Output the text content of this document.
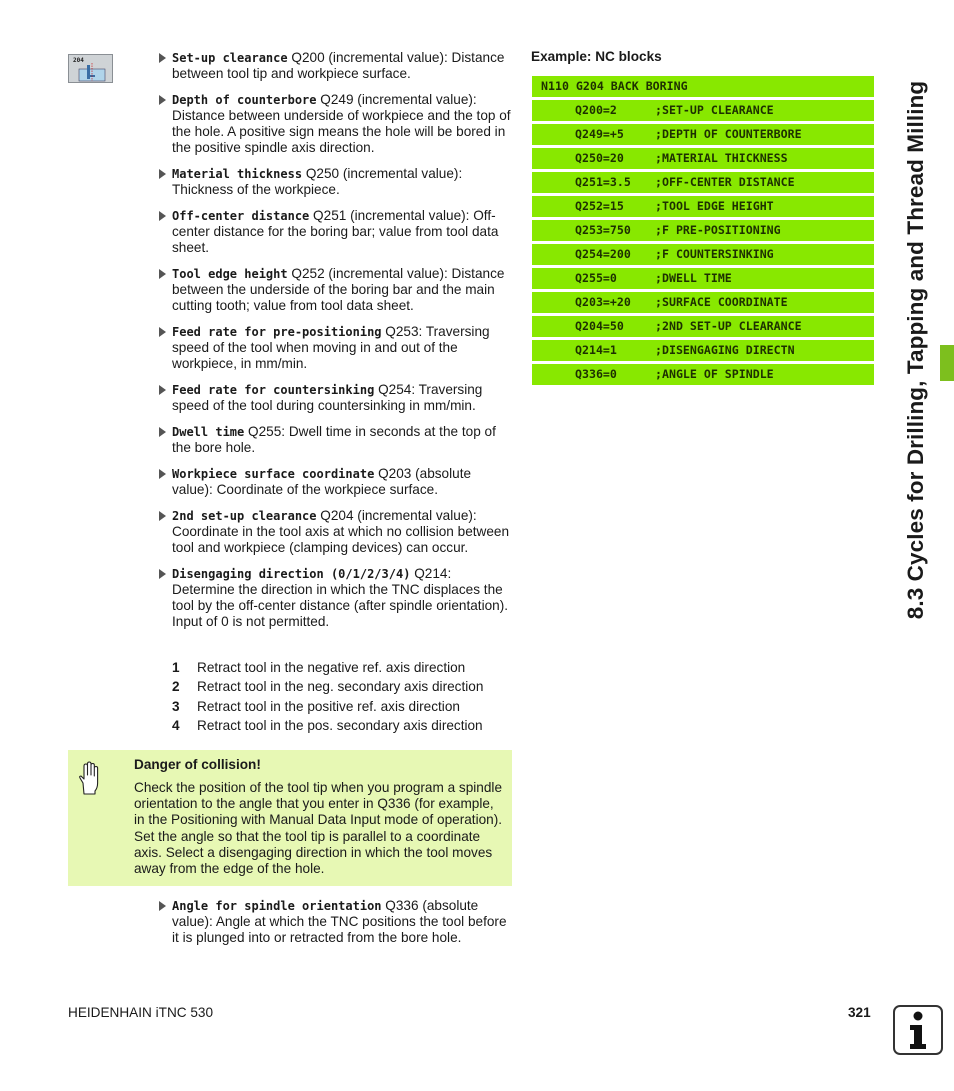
204	Set-up clearance Q200 (incremental value): Distance between tool tip and workpiece surface.
Depth of counterbore Q249 (incremental value): Distance between underside of workpiece and the top of the hole. A positive sign means the hole will be bored in the positive spindle axis direction.
Material thickness Q250 (incremental value): Thickness of the workpiece.
Off-center distance Q251 (incremental value): Off-center distance for the boring bar; value from tool data sheet.
Tool edge height Q252 (incremental value): Distance between the underside of the boring bar and the main cutting tooth; value from tool data sheet.
Feed rate for pre-positioning Q253: Traversing speed of the tool when moving in and out of the workpiece, in mm/min.
Feed rate for countersinking Q254: Traversing speed of the tool during countersinking in mm/min.
Dwell time Q255: Dwell time in seconds at the top of the bore hole.
Workpiece surface coordinate Q203 (absolute value): Coordinate of the workpiece surface.
2nd set-up clearance Q204 (incremental value): Coordinate in the tool axis at which no collision between tool and workpiece (clamping devices) can occur.
Disengaging direction (0/1/2/3/4) Q214: Determine the direction in which the TNC displaces the tool by the off-center distance (after spindle orientation). Input of 0 is not permitted.
1	Retract tool in the negative ref. axis direction
2	Retract tool in the neg. secondary axis direction
3	Retract tool in the positive ref. axis direction
4	Retract tool in the pos. secondary axis direction
Danger of collision!
Check the position of the tool tip when you program a spindle orientation to the angle that you enter in Q336 (for example, in the Positioning with Manual Data Input mode of operation). Set the angle so that the tool tip is parallel to a coordinate axis. Select a disengaging direction in which the tool moves away from the edge of the hole.
Angle for spindle orientation Q336 (absolute value): Angle at which the TNC positions the tool before it is plunged into or retracted from the bore hole.
Example: NC blocks
N110 G204 BACK BORING
Q200=2	;SET-UP CLEARANCE
Q249=+5	;DEPTH OF COUNTERBORE
Q250=20	;MATERIAL THICKNESS
Q251=3.5 ;OFF-CENTER DISTANCE
Q252=15	;TOOL EDGE HEIGHT
Q253=750 ;F PRE-POSITIONING
Q254=200 ;F COUNTERSINKING
Q255=0	;DWELL TIME
Q203=+20 ;SURFACE COORDINATE
Q204=50	;2ND SET-UP CLEARANCE
Q214=1	;DISENGAGING DIRECTN
Q336=0	;ANGLE OF SPINDLE	8.3 Cycles for Drilling, Tapping and Thread Milling
HEIDENHAIN iTNC 530	321
